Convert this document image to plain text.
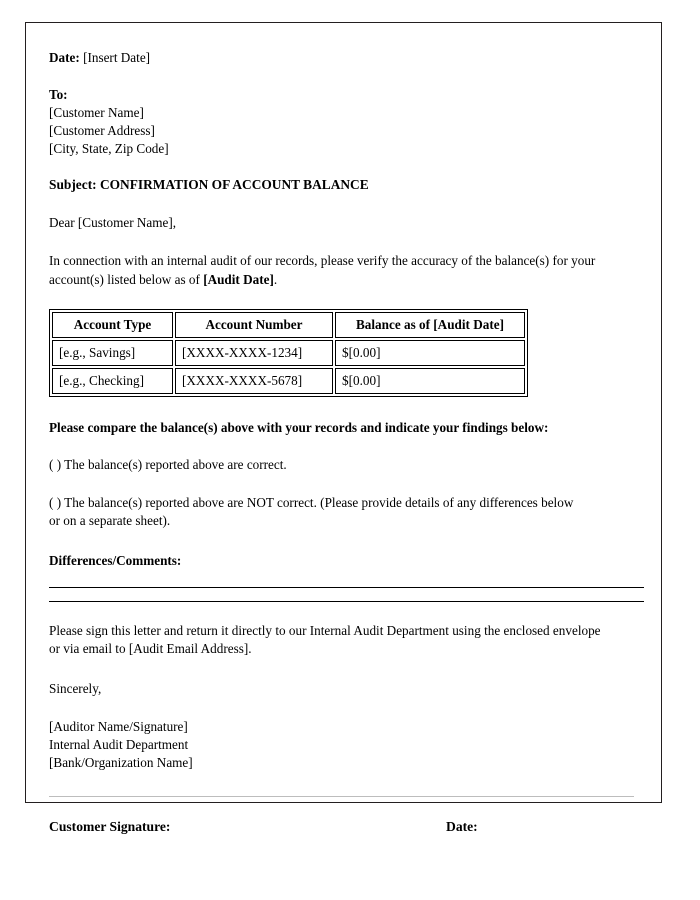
Date: [Insert Date]
To:
[Customer Name]
[Customer Address]
[City, State, Zip Code]
Subject: CONFIRMATION OF ACCOUNT BALANCE
Dear [Customer Name],

In connection with an internal audit of our records, please verify the accuracy of the balance(s) for your account(s) listed below as of [Audit Date].

Account Type	Account Number	Balance as of [Audit Date]
[e.g., Savings]	[XXXX-XXXX-1234]	$[0.00]
[e.g., Checking]	[XXXX-XXXX-5678]	$[0.00]

Please compare the balance(s) above with your records and indicate your findings below:

( ) The balance(s) reported above are correct.

( ) The balance(s) reported above are NOT correct. (Please provide details of any differences below or on a separate sheet).

Differences/Comments:

Please sign this letter and return it directly to our Internal Audit Department using the enclosed envelope or via email to [Audit Email Address].

Sincerely,
[Auditor Name/Signature]
Internal Audit Department
[Bank/Organization Name]
Customer Signature:	Date:
